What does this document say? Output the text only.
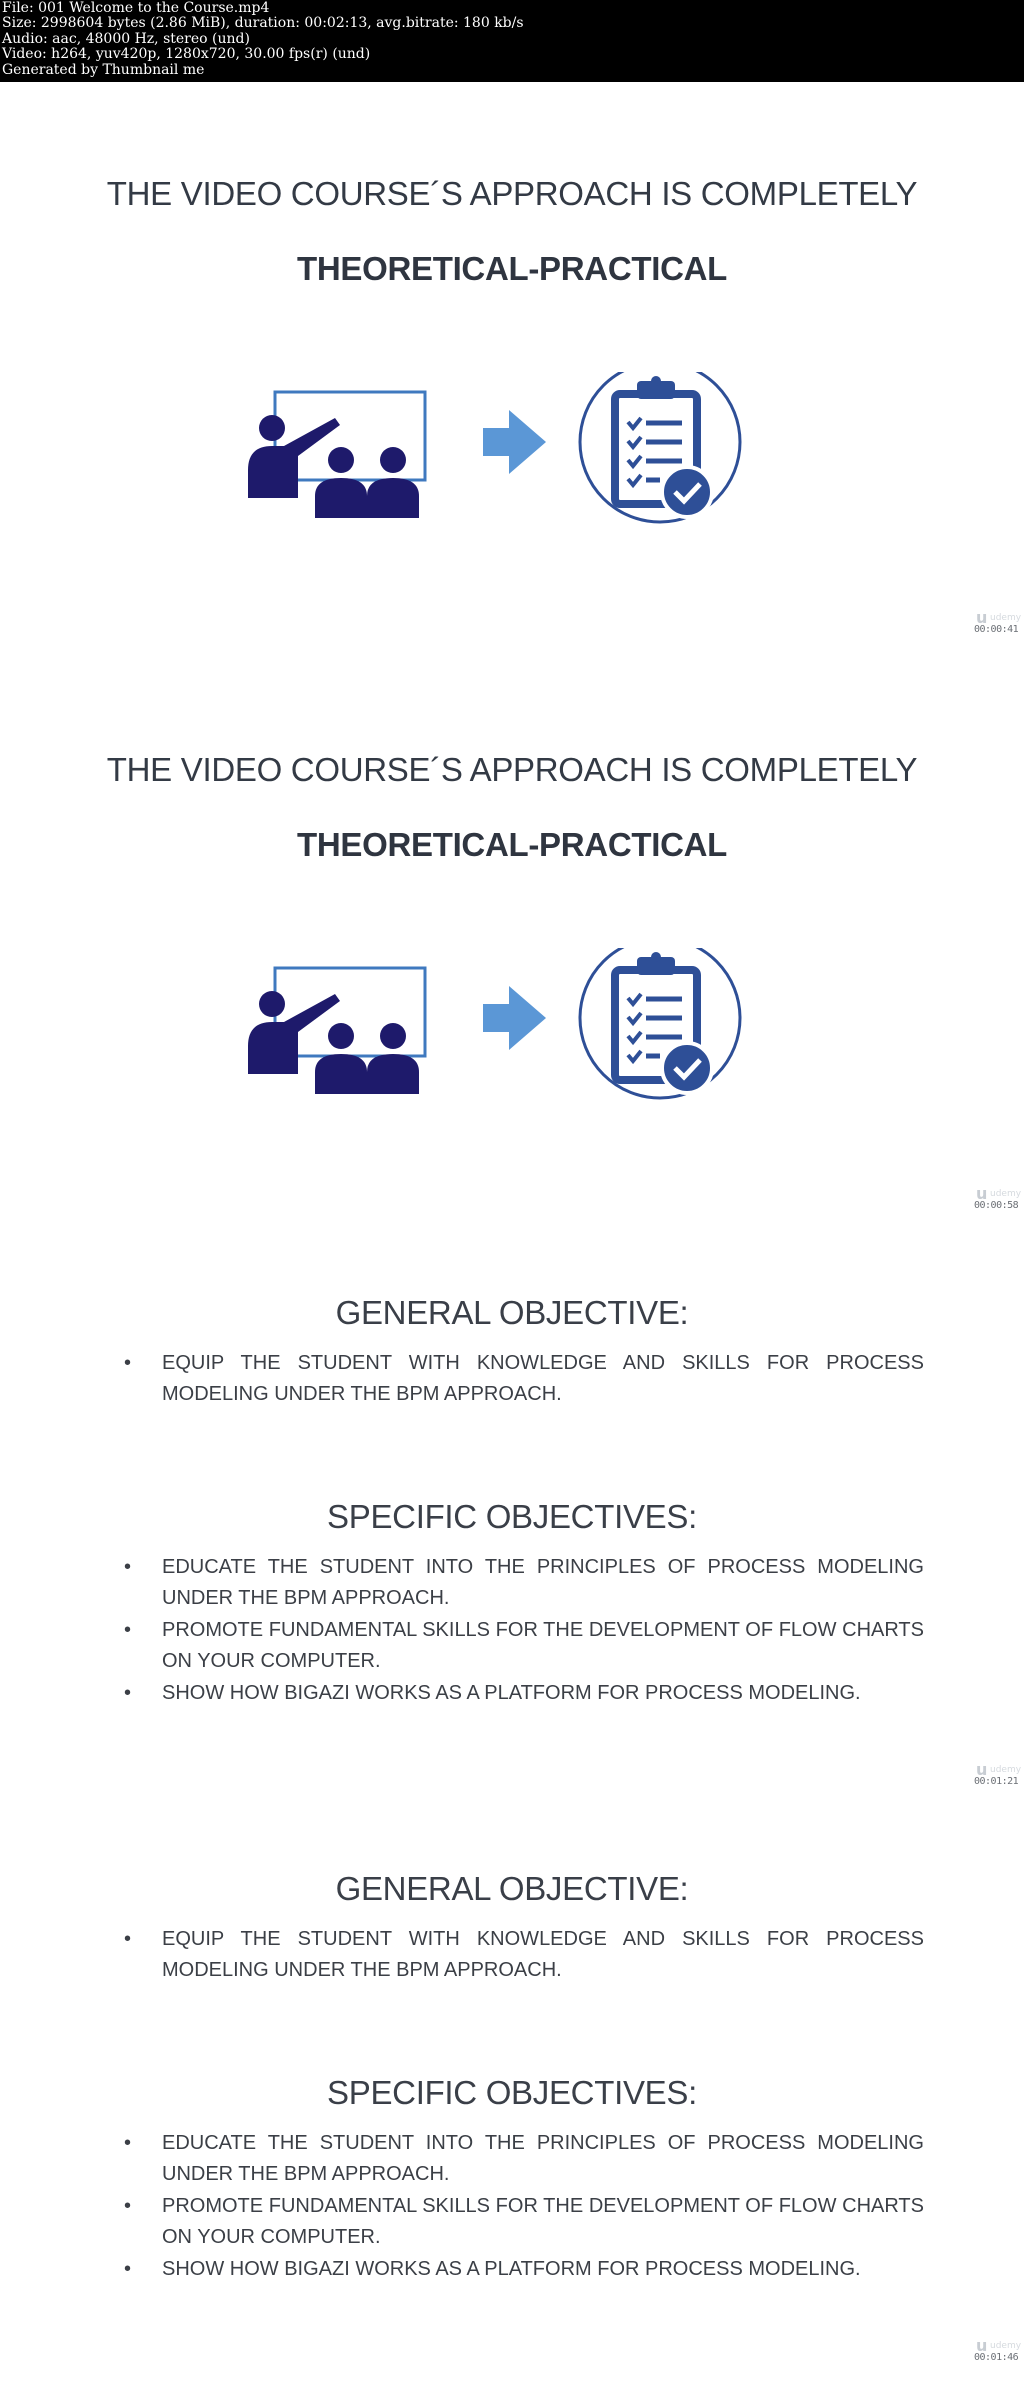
File: 001 Welcome to the Course.mp4
Size: 2998604 bytes (2.86 MiB), duration: 00:02:13, avg.bitrate: 180 kb/s
Audio: aac, 48000 Hz, stereo (und)
Video: h264, yuv420p, 1280x720, 30.00 fps(r) (und)
Generated by Thumbnail me
THE VIDEO COURSE´S APPROACH IS COMPLETELY
THEORETICAL-PRACTICAL
u udemy
00:00:41
THE VIDEO COURSE´S APPROACH IS COMPLETELY
THEORETICAL-PRACTICAL
u udemy
00:00:58
GENERAL OBJECTIVE:
• EQUIP THE STUDENT WITH KNOWLEDGE AND SKILLS FOR PROCESS MODELING UNDER THE BPM APPROACH.
SPECIFIC OBJECTIVES:
• EDUCATE THE STUDENT INTO THE PRINCIPLES OF PROCESS MODELING UNDER THE BPM APPROACH.
• PROMOTE FUNDAMENTAL SKILLS FOR THE DEVELOPMENT OF FLOW CHARTS ON YOUR COMPUTER.
• SHOW HOW BIGAZI WORKS AS A PLATFORM FOR PROCESS MODELING.
u udemy
00:01:21
GENERAL OBJECTIVE:
• EQUIP THE STUDENT WITH KNOWLEDGE AND SKILLS FOR PROCESS MODELING UNDER THE BPM APPROACH.
SPECIFIC OBJECTIVES:
• EDUCATE THE STUDENT INTO THE PRINCIPLES OF PROCESS MODELING UNDER THE BPM APPROACH.
• PROMOTE FUNDAMENTAL SKILLS FOR THE DEVELOPMENT OF FLOW CHARTS ON YOUR COMPUTER.
• SHOW HOW BIGAZI WORKS AS A PLATFORM FOR PROCESS MODELING.
u udemy
00:01:46
